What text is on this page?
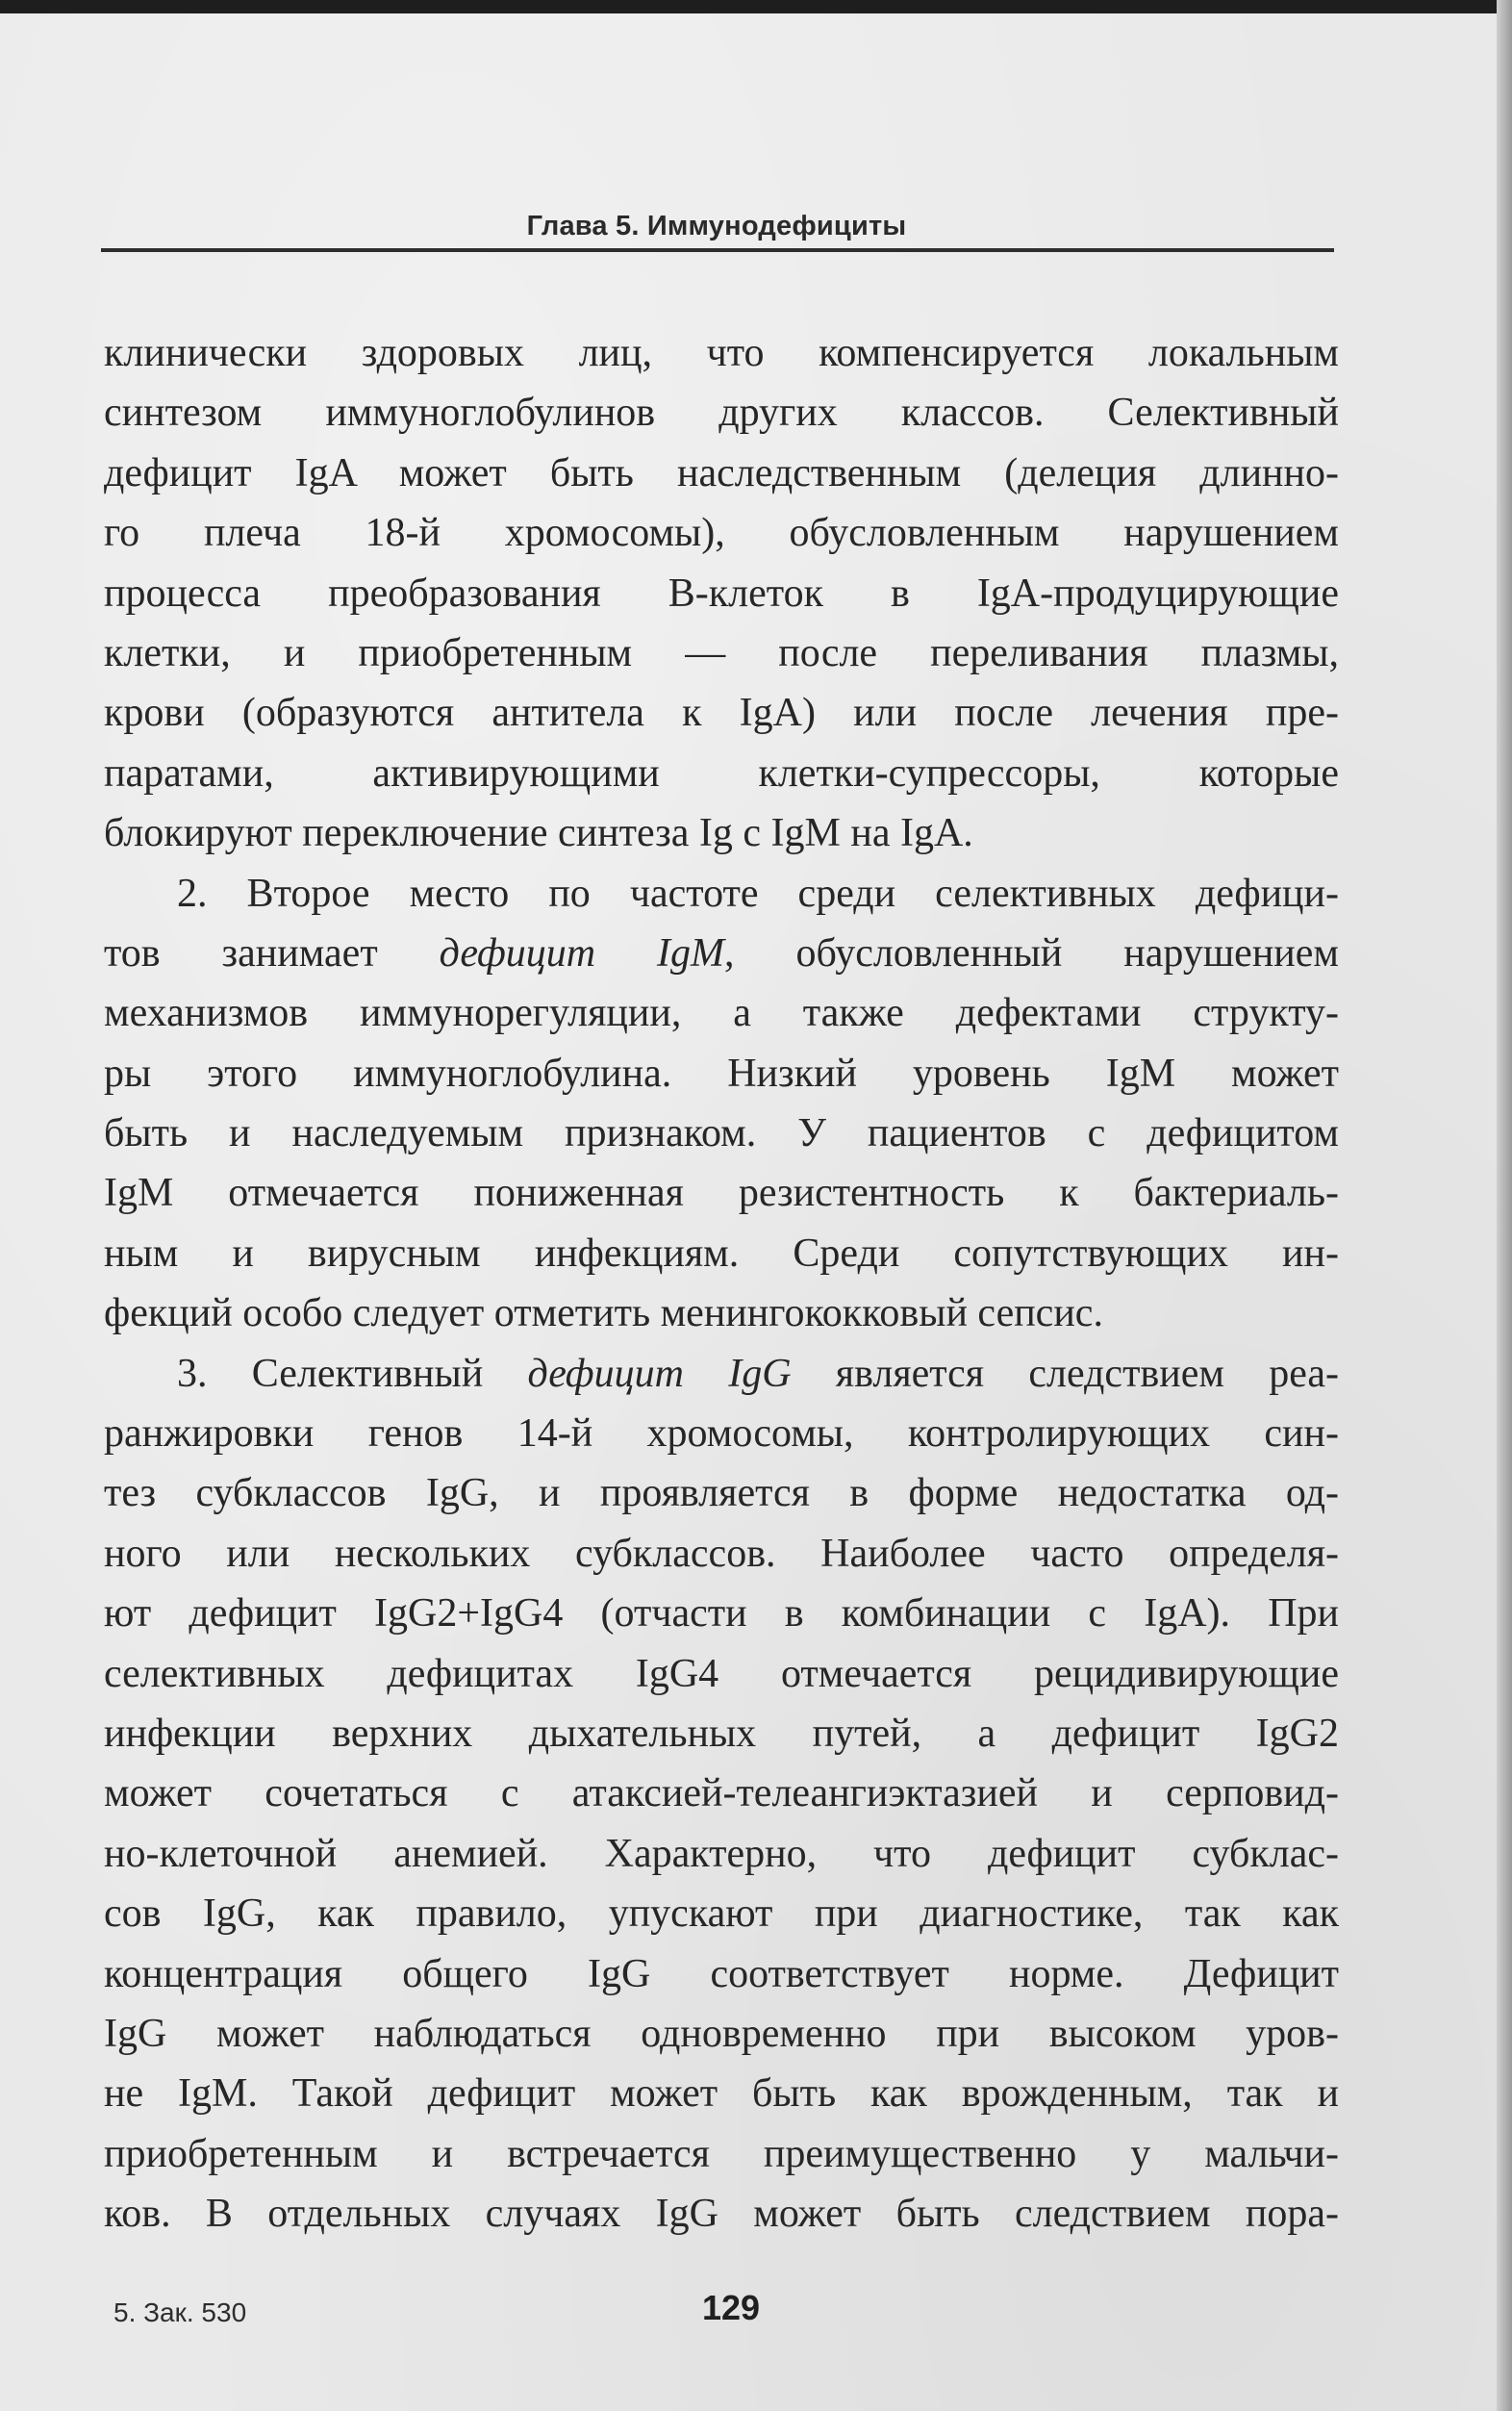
Глава 5. Иммунодефициты
клинически здоровых лиц, что компенсируется локальным
синтезом иммуноглобулинов других классов. Селективный
дефицит IgA может быть наследственным (делеция длинно-
го плеча 18-й хромосомы), обусловленным нарушением
процесса преобразования B-клеток в IgA-продуцирующие
клетки, и приобретенным — после переливания плазмы,
крови (образуются антитела к IgA) или после лечения пре-
паратами, активирующими клетки-супрессоры, которые
блокируют переключение синтеза Ig с IgM на IgA.
2. Второе место по частоте среди селективных дефици-
тов занимает дефицит IgM, обусловленный нарушением
механизмов иммунорегуляции, а также дефектами структу-
ры этого иммуноглобулина. Низкий уровень IgM может
быть и наследуемым признаком. У пациентов с дефицитом
IgM отмечается пониженная резистентность к бактериаль-
ным и вирусным инфекциям. Среди сопутствующих ин-
фекций особо следует отметить менингококковый сепсис.
3. Селективный дефицит IgG является следствием реа-
ранжировки генов 14-й хромосомы, контролирующих син-
тез субклассов IgG, и проявляется в форме недостатка од-
ного или нескольких субклассов. Наиболее часто определя-
ют дефицит IgG2+IgG4 (отчасти в комбинации с IgA). При
селективных дефицитах IgG4 отмечается рецидивирующие
инфекции верхних дыхательных путей, а дефицит IgG2
может сочетаться с атаксией-телеангиэктазией и серповид-
но-клеточной анемией. Характерно, что дефицит субклас-
сов IgG, как правило, упускают при диагностике, так как
концентрация общего IgG соответствует норме. Дефицит
IgG может наблюдаться одновременно при высоком уров-
не IgM. Такой дефицит может быть как врожденным, так и
приобретенным и встречается преимущественно у мальчи-
ков. В отдельных случаях IgG может быть следствием пора-
5. Зак. 530	129
